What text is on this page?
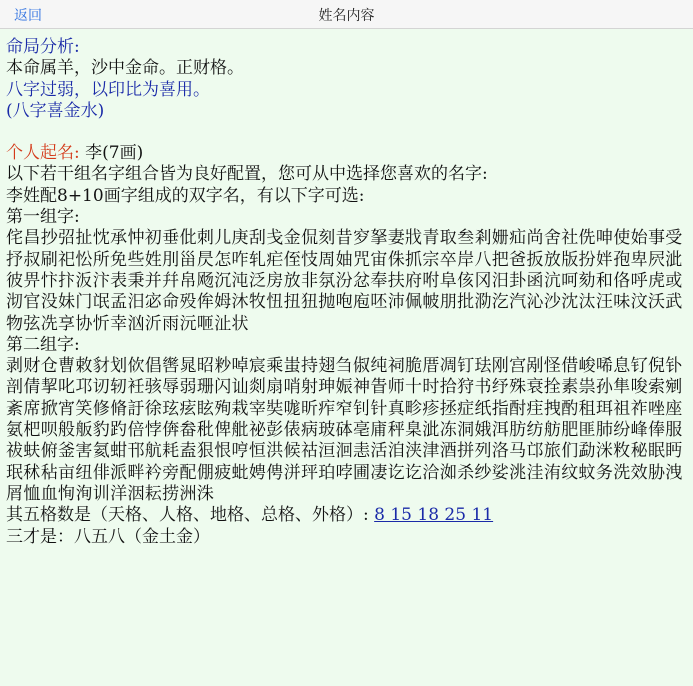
返回	姓名内容
命局分析:
本命属羊，沙中金命。正财格。
八字过弱，以印比为喜用。
(八字喜金水)
个人起名: 李(7画)
以下若干组名字组合皆为良好配置，您可从中选择您喜欢的名字:
李姓配8+10画字组成的双字名，有以下字可选:
第一组字:
侘昌抄弨扯忱承忡初垂仳刺儿庚刮戋金侃刻昔穸拏妻戕青取叁剎姗疝尚舍社侁呻使始事受抒叔刷祀忪所免些姓刖甾昃怎咋轧疟侄忮周妯咒宙侏抓宗卒岸八把爸扳放版扮姅孢卑屄泚彼畀忭抃汳汴表秉并幷帛飏沉沌泛房放非氛汾忿奉扶府咐阜侅冈汨卦函沆呵劾和佫呼虎或沏官没妹门氓孟汨宓命殁侔姆沐牧忸扭狃抛咆庖呸沛佩帔朋批泐汔汽沁沙沈汰汪味汶沃武物弦冼享协忻幸汹沂雨沅咂沚状
第二组字:
剥财仓曹敕豺划佽倡辔晁昭粆啅宸乘蚩持翅刍俶纯祠脆厝凋钉珐刚宫剐怪借峻唏息钌倪钋剖倩挈叱邛讱轫衽骇辱弱珊闪讪剡扇哨射珅娠神眚师十时拾狩书纾殊衰拴素祟孙隼唆索剜紊席掀宵笑修脩訏徐玹痃眩殉栽宰奘哤昕痄窄钊针真畛疹拯症纸指酎疰拽酌租珥祖祚唑座氨杷呗般舨豹趵倍悖倴畚秕俾舭祕彭俵病玻砵亳庯秤臬泚冻洞娥洱肪纺舫肥匪肺纷峰俸服祓蚨俯釜害氦蚶邗航耗盍狠恨哼恒洪候祜洹洄恚活洎浃津酒拼列洛马邙旅们勐洣敉秘眠眄珉秫秥亩纽俳派畔衿旁配倗疲蚍娉俜洴玶珀哱圃凄讫讫洽洳杀纱娑洮洼洧纹蚊务洗效胁洩屑恤血恂洵训洋洇耘捞洲洙
其五格数是（天格、人格、地格、总格、外格）: 8 15 18 25 11
三才是：八五八（金土金）
